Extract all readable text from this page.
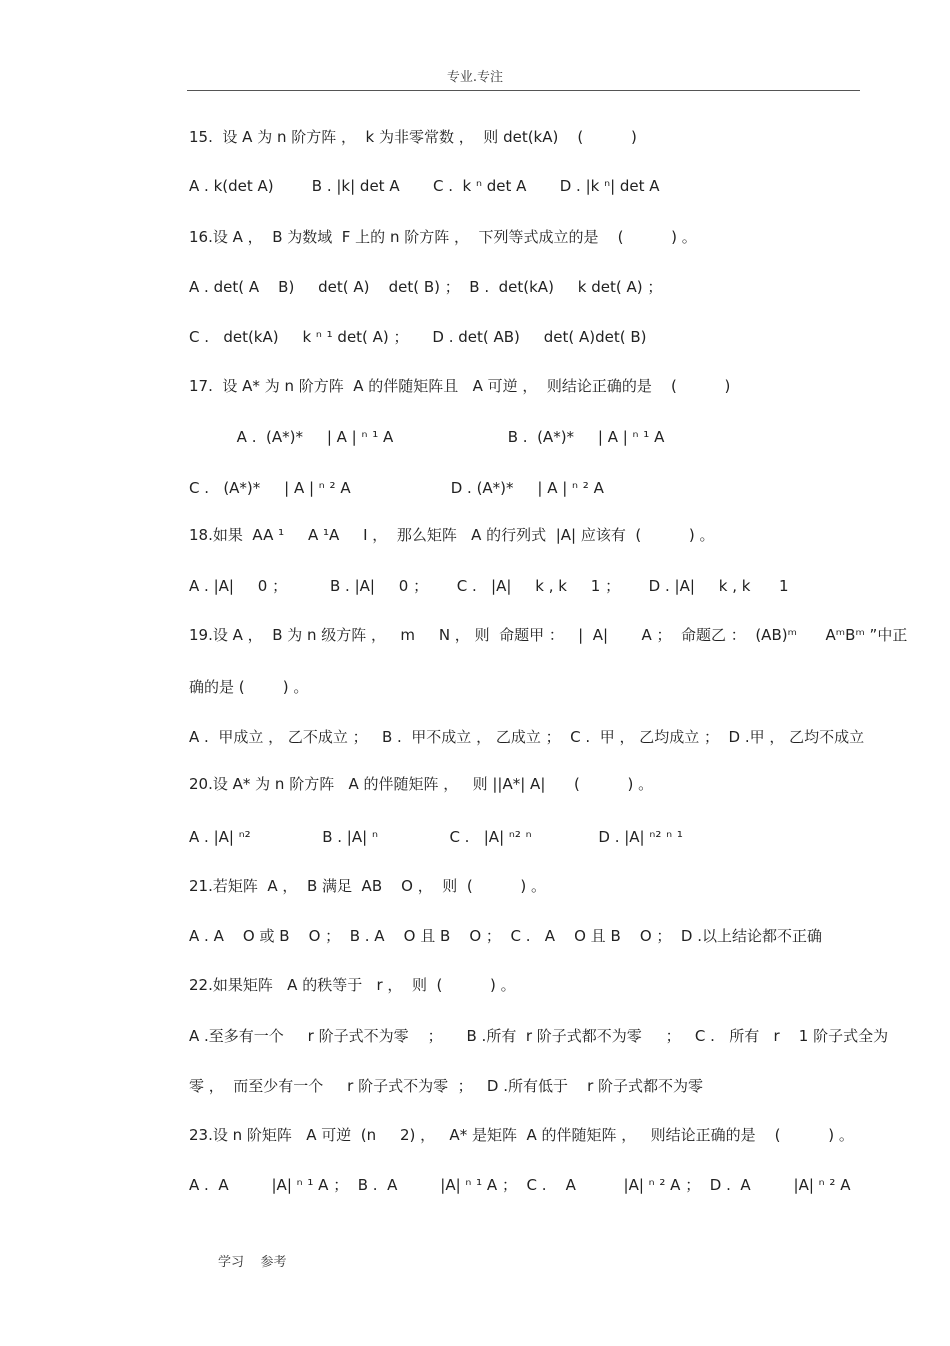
专业.专注
15.  设 A 为 n 阶方阵 ，  k 为非零常数 ，  则 det(kA)    (          )
A . k(det A)        B . |k| det A       C .  k ⁿ det A       D . |k ⁿ| det A
16.设 A ，  B 为数域  F 上的 n 阶方阵 ，  下列等式成立的是    (          ) 。
A . det( A    B)     det( A)    det( B) ；  B .  det(kA)     k det( A) ；
C .   det(kA)     k ⁿ ¹ det( A) ；     D . det( AB)     det( A)det( B)
17.  设 A* 为 n 阶方阵  A 的伴随矩阵且   A 可逆 ，  则结论正确的是    (          )
A .  (A*)*     | A | ⁿ ¹ A                        B .  (A*)*     | A | ⁿ ¹ A
C .   (A*)*     | A | ⁿ ² A                     D . (A*)*     | A | ⁿ ² A
18.如果  AA ¹     A ¹A     I ，  那么矩阵   A 的行列式  |A| 应该有  (          ) 。
A . |A|     0 ；         B . |A|     0 ；      C .   |A|     k , k     1 ；      D . |A|     k , k      1
19.设 A ，  B 为 n 级方阵 ，   m     N ， 则  命题甲 ：   |  A|       A ；  命题乙 ：  (AB)ᵐ      AᵐBᵐ ”中正
确的是 (        ) 。
A .  甲成立 ， 乙不成立 ；   B .  甲不成立 ， 乙成立 ；  C .  甲 ， 乙均成立 ；  D .甲 ， 乙均不成立
20.设 A* 为 n 阶方阵   A 的伴随矩阵 ，   则 ||A*| A|      (          ) 。
A . |A| ⁿ²               B . |A| ⁿ               C .   |A| ⁿ² ⁿ              D . |A| ⁿ² ⁿ ¹
21.若矩阵  A ，  B 满足  AB    O ，  则  (          ) 。
A . A    O 或 B    O ；  B . A    O 且 B    O ；  C .   A    O 且 B    O ；  D .以上结论都不正确
22.如果矩阵   A 的秩等于   r ，  则  (          ) 。
A .至多有一个     r 阶子式不为零    ；     B .所有  r 阶子式都不为零     ；   C .   所有   r    1 阶子式全为
零 ，  而至少有一个     r 阶子式不为零  ；   D .所有低于    r 阶子式都不为零
23.设 n 阶矩阵   A 可逆  (n     2) ，   A* 是矩阵  A 的伴随矩阵 ，   则结论正确的是    (          ) 。
A .  A         |A| ⁿ ¹ A ；  B .  A         |A| ⁿ ¹ A ；  C .    A          |A| ⁿ ² A ；  D .  A         |A| ⁿ ² A
学习    参考
